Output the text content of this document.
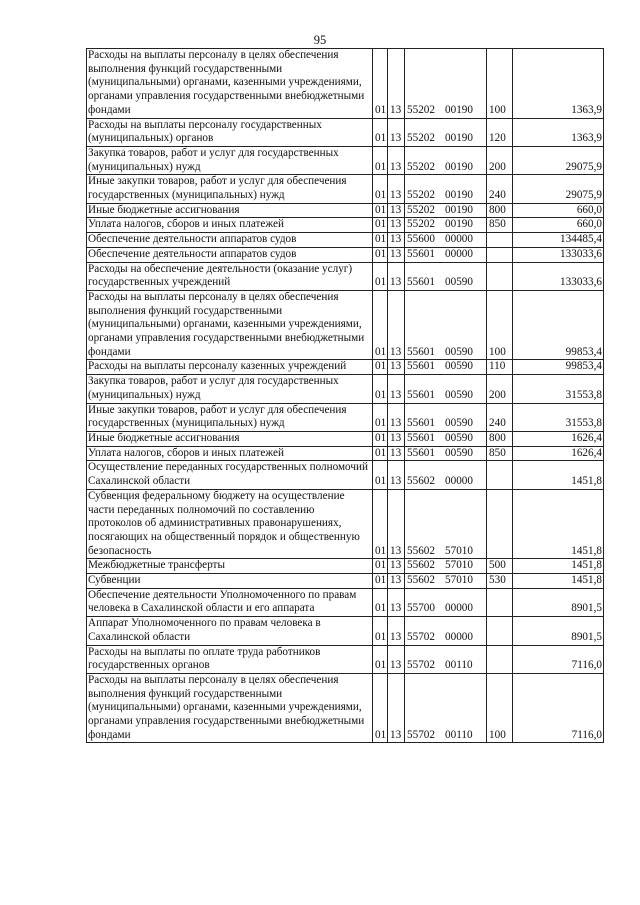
95
Расходы на выплаты персоналу в целях обеспечения выполнения функций государственными (муниципальными) органами, казенными учреждениями, органами управления государственными внебюджетными фондами	01	13	55202 00190	100	1363,9
Расходы на выплаты персоналу государственных (муниципальных) органов	01	13	55202 00190	120	1363,9
Закупка товаров, работ и услуг для государственных (муниципальных) нужд	01	13	55202 00190	200	29075,9
Иные закупки товаров, работ и услуг для обеспечения государственных (муниципальных) нужд	01	13	55202 00190	240	29075,9
Иные бюджетные ассигнования	01	13	55202 00190	800	660,0
Уплата налогов, сборов и иных платежей	01	13	55202 00190	850	660,0
Обеспечение деятельности аппаратов судов	01	13	55600 00000		134485,4
Обеспечение деятельности аппаратов судов	01	13	55601 00000		133033,6
Расходы на обеспечение деятельности (оказание услуг) государственных учреждений	01	13	55601 00590		133033,6
Расходы на выплаты персоналу в целях обеспечения выполнения функций государственными (муниципальными) органами, казенными учреждениями, органами управления государственными внебюджетными фондами	01	13	55601 00590	100	99853,4
Расходы на выплаты персоналу казенных учреждений	01	13	55601 00590	110	99853,4
Закупка товаров, работ и услуг для государственных (муниципальных) нужд	01	13	55601 00590	200	31553,8
Иные закупки товаров, работ и услуг для обеспечения государственных (муниципальных) нужд	01	13	55601 00590	240	31553,8
Иные бюджетные ассигнования	01	13	55601 00590	800	1626,4
Уплата налогов, сборов и иных платежей	01	13	55601 00590	850	1626,4
Осуществление переданных государственных полномочий Сахалинской области	01	13	55602 00000		1451,8
Субвенция федеральному бюджету на осуществление части переданных полномочий по составлению протоколов об административных правонарушениях, посягающих на общественный порядок и общественную безопасность	01	13	55602 57010		1451,8
Межбюджетные трансферты	01	13	55602 57010	500	1451,8
Субвенции	01	13	55602 57010	530	1451,8
Обеспечение деятельности Уполномоченного по правам человека в Сахалинской области и его аппарата	01	13	55700 00000		8901,5
Аппарат Уполномоченного по правам человека в Сахалинской области	01	13	55702 00000		8901,5
Расходы на выплаты по оплате труда работников государственных органов	01	13	55702 00110		7116,0
Расходы на выплаты персоналу в целях обеспечения выполнения функций государственными (муниципальными) органами, казенными учреждениями, органами управления государственными внебюджетными фондами	01	13	55702 00110	100	7116,0
